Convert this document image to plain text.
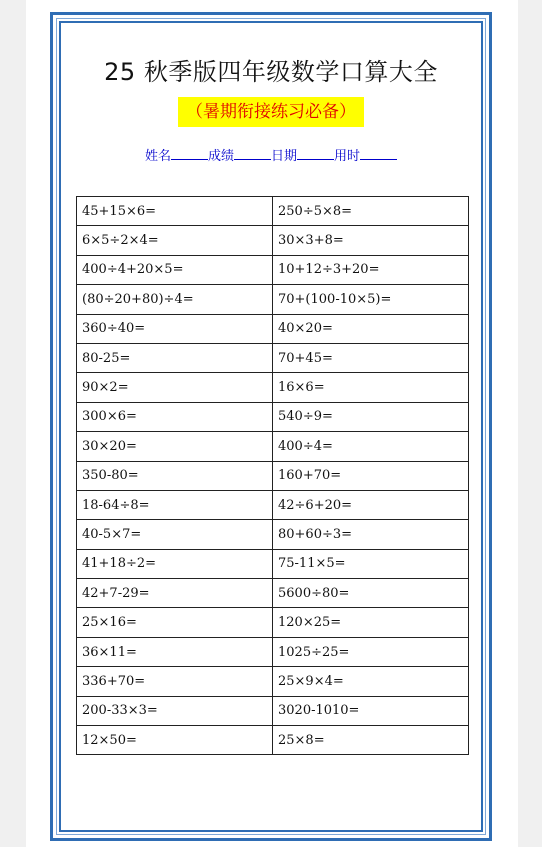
25 秋季版四年级数学口算大全
（暑期衔接练习必备）
姓名	成绩	日期	用时
45+15×6=	250÷5×8=
6×5÷2×4=	30×3+8=
400÷4+20×5=	10+12÷3+20=
(80÷20+80)÷4=	70+(100-10×5)=
360÷40=	40×20=
80-25=	70+45=
90×2=	16×6=
300×6=	540÷9=
30×20=	400÷4=
350-80=	160+70=
18-64÷8=	42÷6+20=
40-5×7=	80+60÷3=
41+18÷2=	75-11×5=
42+7-29=	5600÷80=
25×16=	120×25=
36×11=	1025÷25=
336+70=	25×9×4=
200-33×3=	3020-1010=
12×50=	25×8=
